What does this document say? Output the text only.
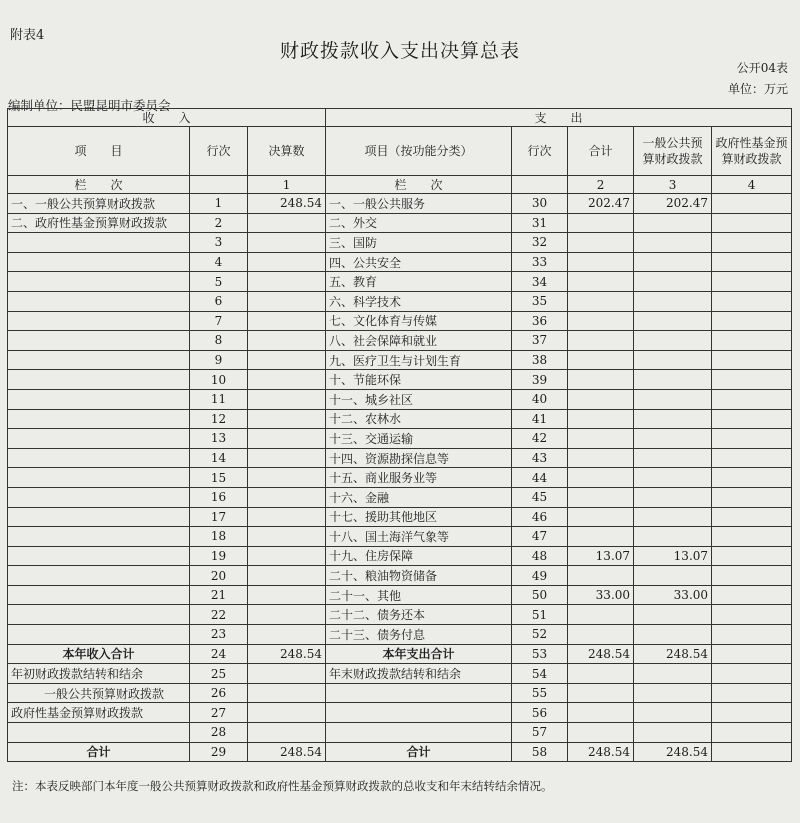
附表4
财政拨款收入支出决算总表
公开04表
单位：万元
编制单位：民盟昆明市委员会
收　　入			支　　出				
项　　目	行次	决算数	项目（按功能分类）	行次	合计	一般公共预算财政拨款	政府性基金预算财政拨款
栏　　次		1	栏　　次		2	3	4
一、一般公共预算财政拨款	1	248.54	一、一般公共服务	30	202.47	202.47	
二、政府性基金预算财政拨款	2		二、外交	31			
	3		三、国防	32			
	4		四、公共安全	33			
	5		五、教育	34			
	6		六、科学技术	35			
	7		七、文化体育与传媒	36			
	8		八、社会保障和就业	37			
	9		九、医疗卫生与计划生育	38			
	10		十、节能环保	39			
	11		十一、城乡社区	40			
	12		十二、农林水	41			
	13		十三、交通运输	42			
	14		十四、资源勘探信息等	43			
	15		十五、商业服务业等	44			
	16		十六、金融	45			
	17		十七、援助其他地区	46			
	18		十八、国土海洋气象等	47			
	19		十九、住房保障	48	13.07	13.07	
	20		二十、粮油物资储备	49			
	21		二十一、其他	50	33.00	33.00	
	22		二十二、债务还本	51			
	23		二十三、债务付息	52			
本年收入合计	24	248.54	本年支出合计	53	248.54	248.54	
年初财政拨款结转和结余	25		年末财政拨款结转和结余	54			
一般公共预算财政拨款	26			55			
政府性基金预算财政拨款	27			56			
	28			57			
合计	29	248.54	合计	58	248.54	248.54	
注：本表反映部门本年度一般公共预算财政拨款和政府性基金预算财政拨款的总收支和年末结转结余情况。
